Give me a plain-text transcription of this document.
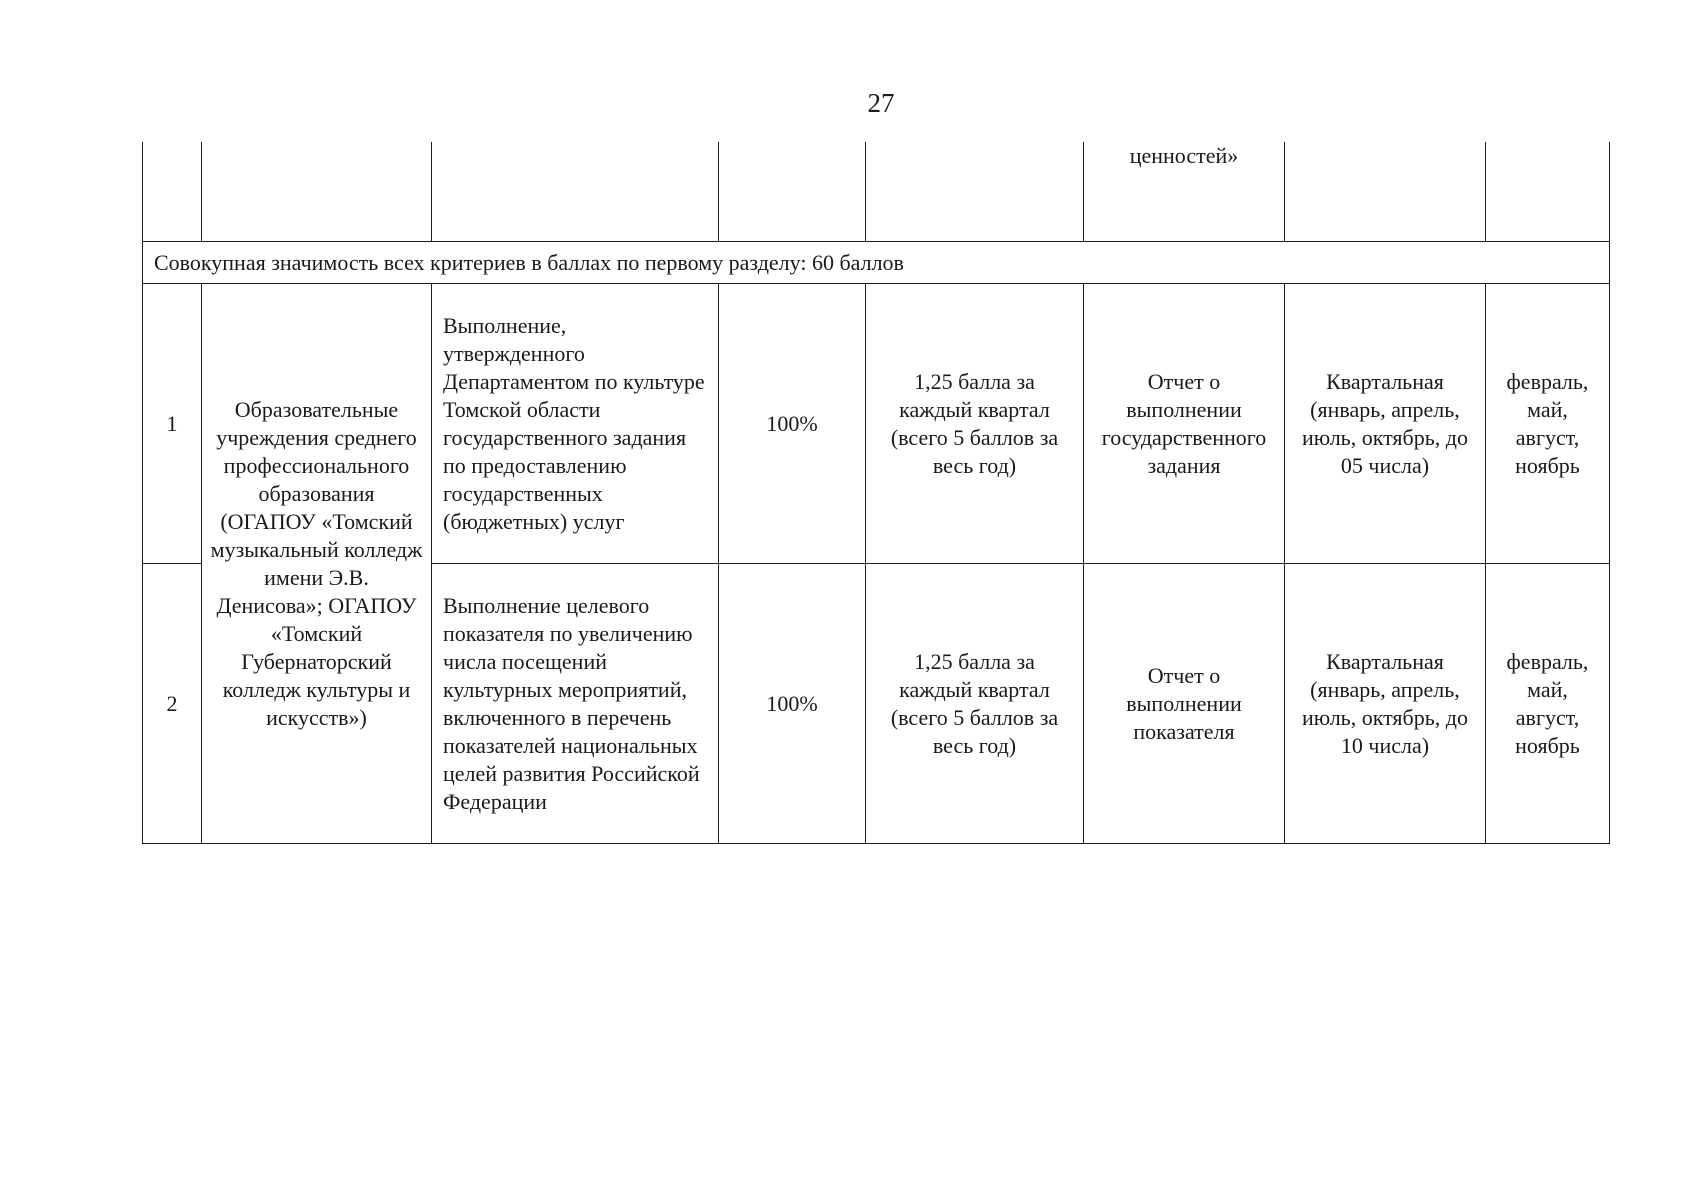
27
					ценностей»		
Совокупная значимость всех критериев в баллах по первому разделу: 60 баллов							
1	Образовательные учреждения среднего профессионального образования (ОГАПОУ «Томский музыкальный колледж имени Э.В. Денисова»; ОГАПОУ «Томский Губернаторский колледж культуры и искусств»)	Выполнение, утвержденного Департаментом по культуре Томской области государственного задания по предоставлению государственных (бюджетных) услуг	100%	1,25 балла за каждый квартал (всего 5 баллов за весь год)	Отчет о выполнении государственного задания	Квартальная (январь, апрель, июль, октябрь, до 05 числа)	февраль, май, август, ноябрь
2		Выполнение целевого показателя по увеличению числа посещений культурных мероприятий, включенного в перечень показателей национальных целей развития Российской Федерации	100%	1,25 балла за каждый квартал (всего 5 баллов за весь год)	Отчет о выполнении показателя	Квартальная (январь, апрель, июль, октябрь, до 10 числа)	февраль, май, август, ноябрь
